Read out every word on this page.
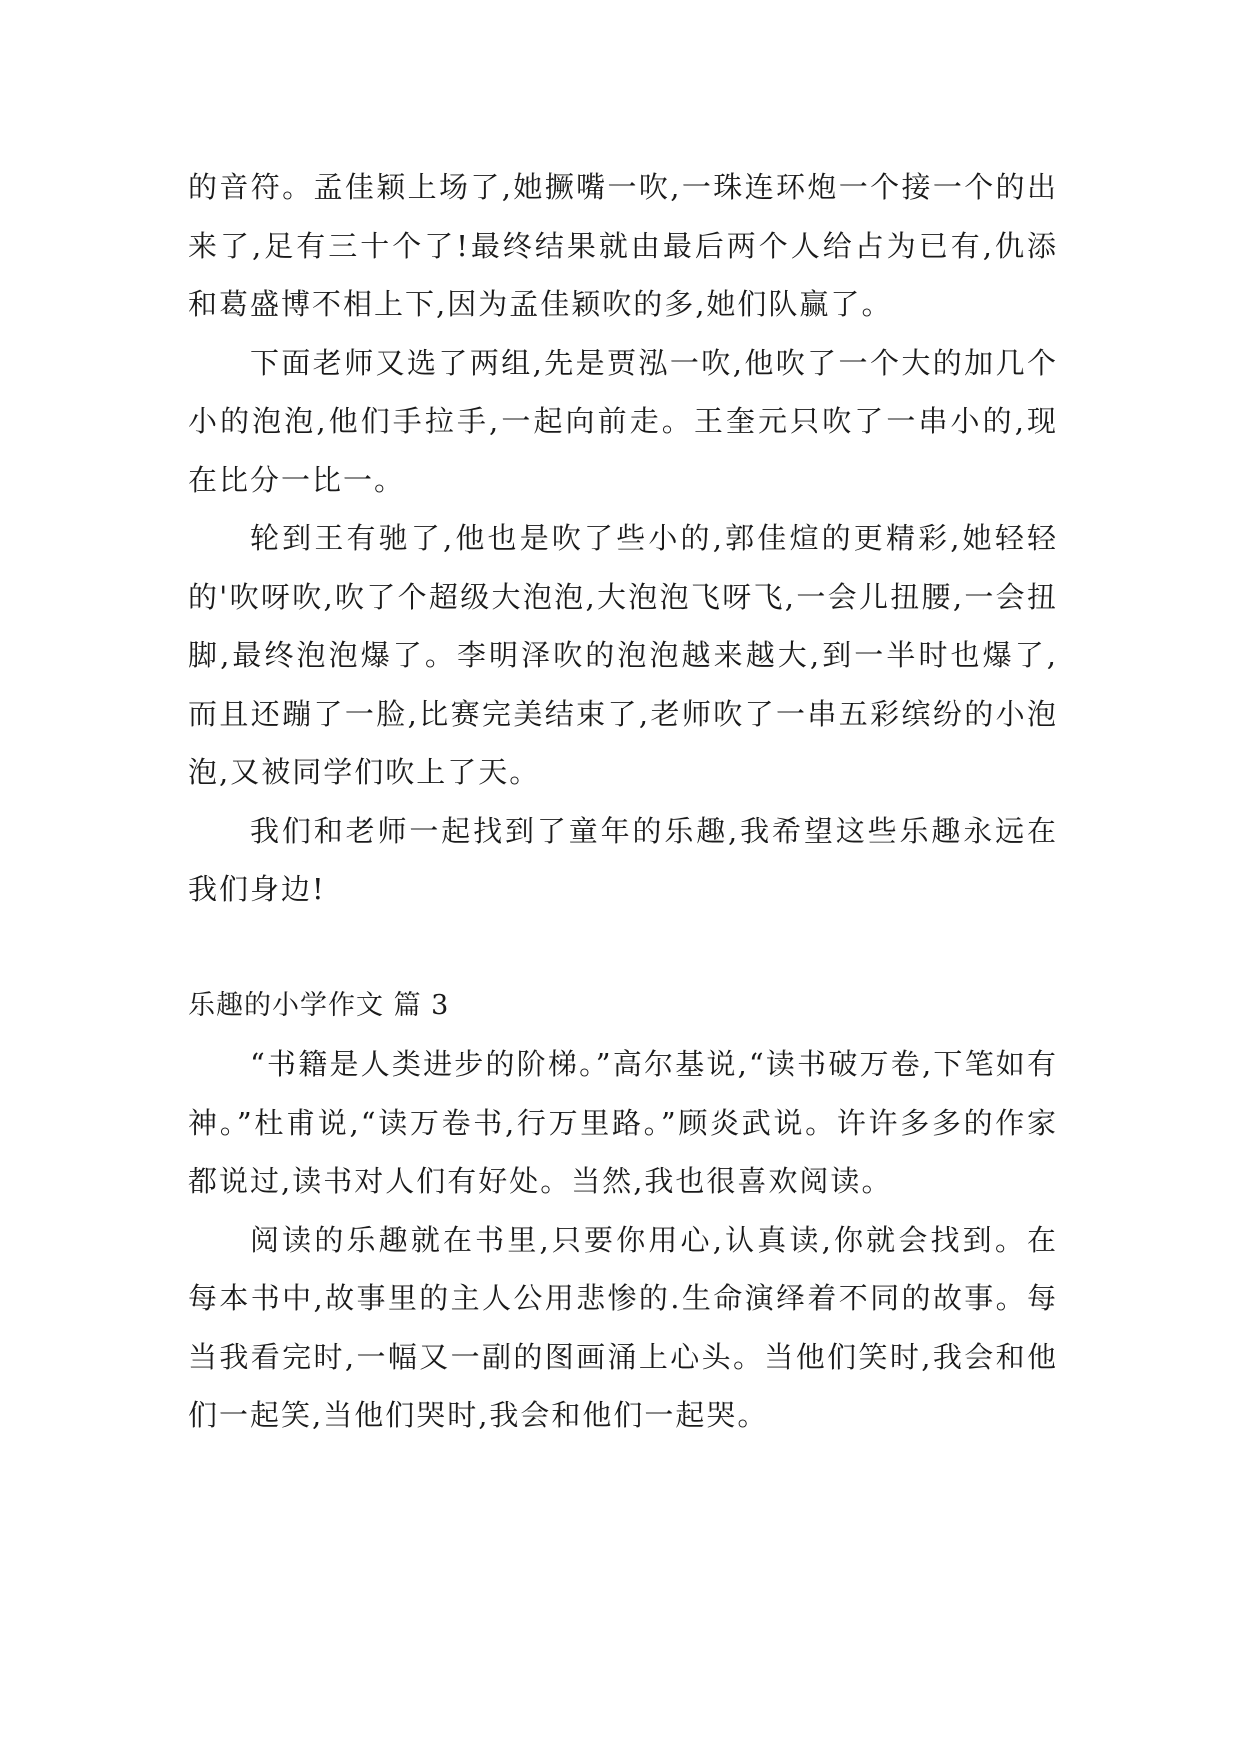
的音符。孟佳颖上场了,她撅嘴一吹,一珠连环炮一个接一个的出来了,足有三十个了!最终结果就由最后两个人给占为已有,仇添和葛盛博不相上下,因为孟佳颖吹的多,她们队赢了。

下面老师又选了两组,先是贾泓一吹,他吹了一个大的加几个小的泡泡,他们手拉手,一起向前走。王奎元只吹了一串小的,现在比分一比一。

轮到王有驰了,他也是吹了些小的,郭佳煊的更精彩,她轻轻的'吹呀吹,吹了个超级大泡泡,大泡泡飞呀飞,一会儿扭腰,一会扭脚,最终泡泡爆了。李明泽吹的泡泡越来越大,到一半时也爆了,而且还蹦了一脸,比赛完美结束了,老师吹了一串五彩缤纷的小泡泡,又被同学们吹上了天。

我们和老师一起找到了童年的乐趣,我希望这些乐趣永远在我们身边!

乐趣的小学作文 篇 3

“书籍是人类进步的阶梯。”高尔基说,“读书破万卷,下笔如有神。”杜甫说,“读万卷书,行万里路。”顾炎武说。许许多多的作家都说过,读书对人们有好处。当然,我也很喜欢阅读。

阅读的乐趣就在书里,只要你用心,认真读,你就会找到。在每本书中,故事里的主人公用悲惨的.生命演绎着不同的故事。每当我看完时,一幅又一副的图画涌上心头。当他们笑时,我会和他们一起笑,当他们哭时,我会和他们一起哭。
